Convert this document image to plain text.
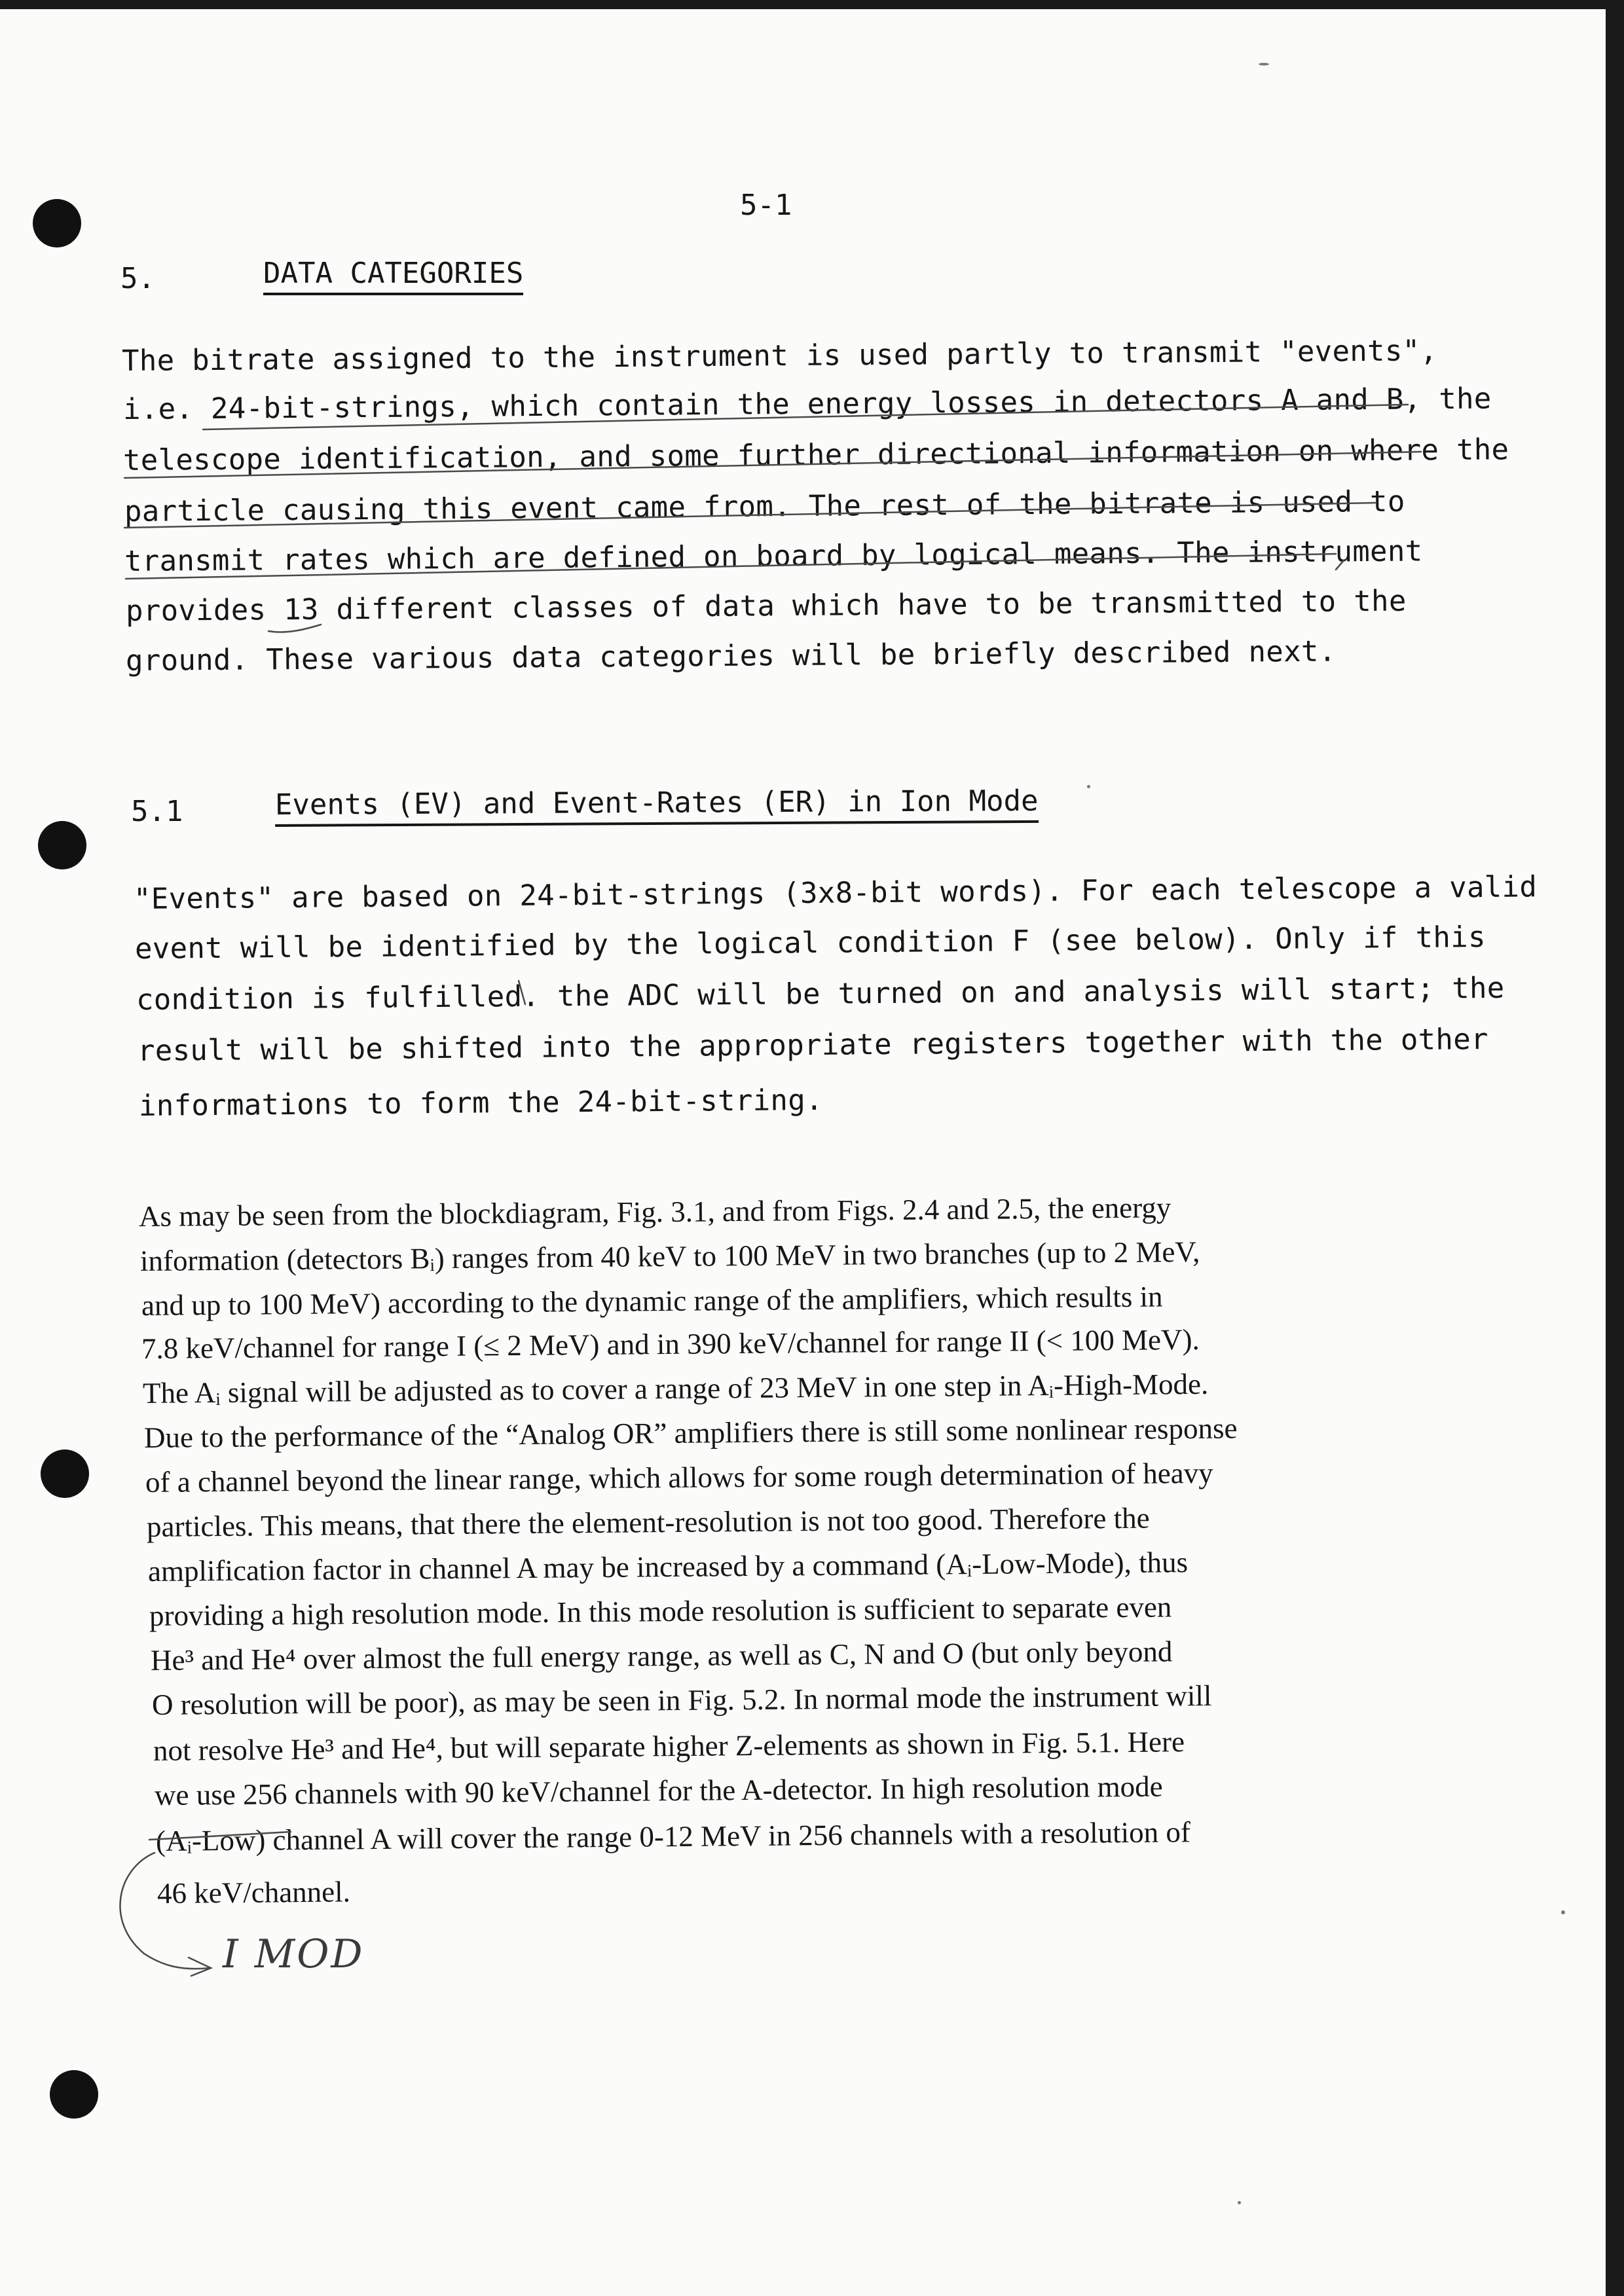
5-1
5.	DATA CATEGORIES
The bitrate assigned to the instrument is used partly to transmit "events",
i.e. 24-bit-strings, which contain the energy losses in detectors A and B, the
telescope identification, and some further directional information on where the
particle causing this event came from. The rest of the bitrate is used to
transmit rates which are defined on board by logical means. The instrument
provides 13 different classes of data which have to be transmitted to the
ground. These various data categories will be briefly described next.
5.1	Events (EV) and Event-Rates (ER) in Ion Mode
"Events" are based on 24-bit-strings (3x8-bit words). For each telescope a valid
event will be identified by the logical condition F (see below). Only if this
condition is fulfilled. the ADC will be turned on and analysis will start; the
result will be shifted into the appropriate registers together with the other
informations to form the 24-bit-string.
As may be seen from the blockdiagram, Fig. 3.1, and from Figs. 2.4 and 2.5, the energy
information (detectors Bᵢ) ranges from 40 keV to 100 MeV in two branches (up to 2 MeV,
and up to 100 MeV) according to the dynamic range of the amplifiers, which results in
7.8 keV/channel for range I (≤ 2 MeV) and in 390 keV/channel for range II (< 100 MeV).
The Aᵢ signal will be adjusted as to cover a range of 23 MeV in one step in Aᵢ-High-Mode.
Due to the performance of the “Analog OR” amplifiers there is still some nonlinear response
of a channel beyond the linear range, which allows for some rough determination of heavy
particles. This means, that there the element-resolution is not too good. Therefore the
amplification factor in channel A may be increased by a command (Aᵢ-Low-Mode), thus
providing a high resolution mode. In this mode resolution is sufficient to separate even
He³ and He⁴ over almost the full energy range, as well as C, N and O (but only beyond
O resolution will be poor), as may be seen in Fig. 5.2. In normal mode the instrument will
not resolve He³ and He⁴, but will separate higher Z-elements as shown in Fig. 5.1. Here
we use 256 channels with 90 keV/channel for the A-detector. In high resolution mode
(Aᵢ-Low) channel A will cover the range 0-12 MeV in 256 channels with a resolution of
46 keV/channel.
I MOD
